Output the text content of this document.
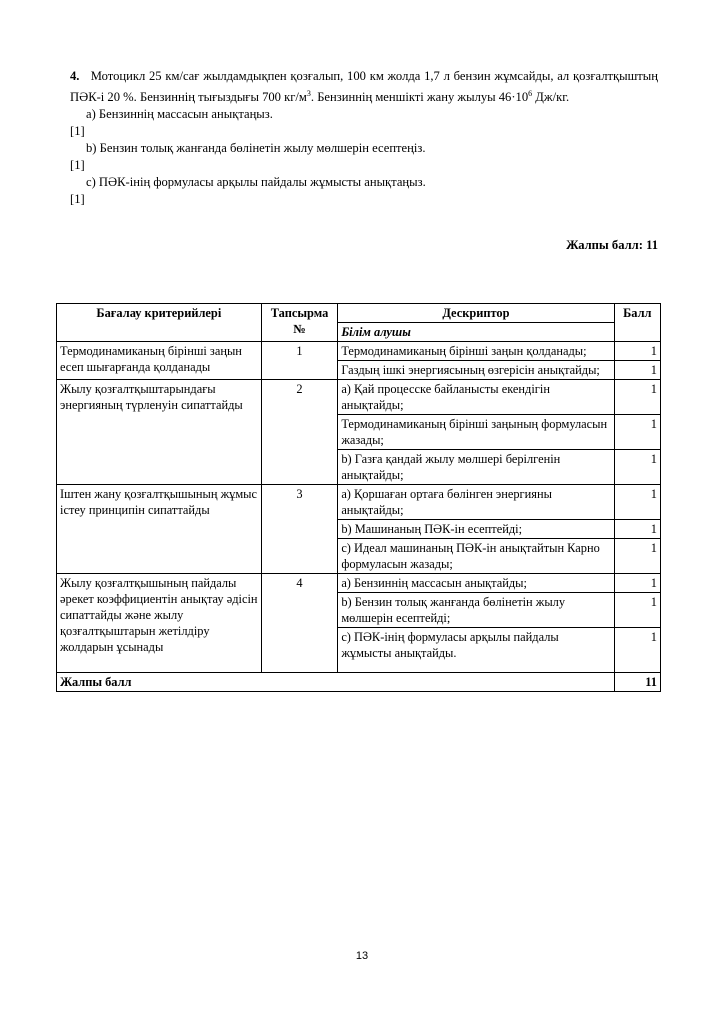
4. Мотоцикл 25 км/сағ жылдамдықпен қозғалып, 100 км жолда 1,7 л бензин жұмсайды, ал қозғалтқыштың ПӘК-і 20 %. Бензиннің тығыздығы 700 $кг/м^3$. Бензиннің меншікті жану жылуы $46\cdot 10^6$ Дж/кг.

a) Бензиннің массасын анықтаңыз.

[1]

b) Бензин толық жанғанда бөлінетін жылу мөлшерін есептеңіз.

[1]

c) ПӘК-інің формуласы арқылы пайдалы жұмысты анықтаңыз.

[1]

Жалпы балл: 11
Бағалау критерийлері	Тапсырма №	Дескриптор	Балл
		Білім алушы	
Термодинамиканың бірінші заңын есеп шығарғанда қолданады	1	Термодинамиканың бірінші заңын қолданады;	1
		Газдың ішкі энергиясының өзгерісін анықтайды;	1
Жылу қозғалтқыштарындағы энергияның түрленуін сипаттайды	2	a) Қай процесске байланысты екендігін анықтайды;	1
		Термодинамиканың бірінші заңының формуласын жазады;	1
		b) Газға қандай жылу мөлшері берілгенін анықтайды;	1
Іштен жану қозғалтқышының жұмыс істеу принципін сипаттайды	3	a) Қоршаған ортаға бөлінген энергияны анықтайды;	1
		b) Машинаның ПӘК-ін есептейді;	1
		c) Идеал машинаның ПӘК-ін анықтайтын Карно формуласын жазады;	1
Жылу қозғалтқышының пайдалы әрекет коэффициентін анықтау әдісін сипаттайды және жылу қозғалтқыштарын жетілдіру жолдарын ұсынады	4	a) Бензиннің массасын анықтайды;	1
		b) Бензин толық жанғанда бөлінетін жылу мөлшерін есептейді;	1
		c) ПӘК-інің формуласы арқылы пайдалы жұмысты анықтайды.	1
Жалпы балл			11
13
